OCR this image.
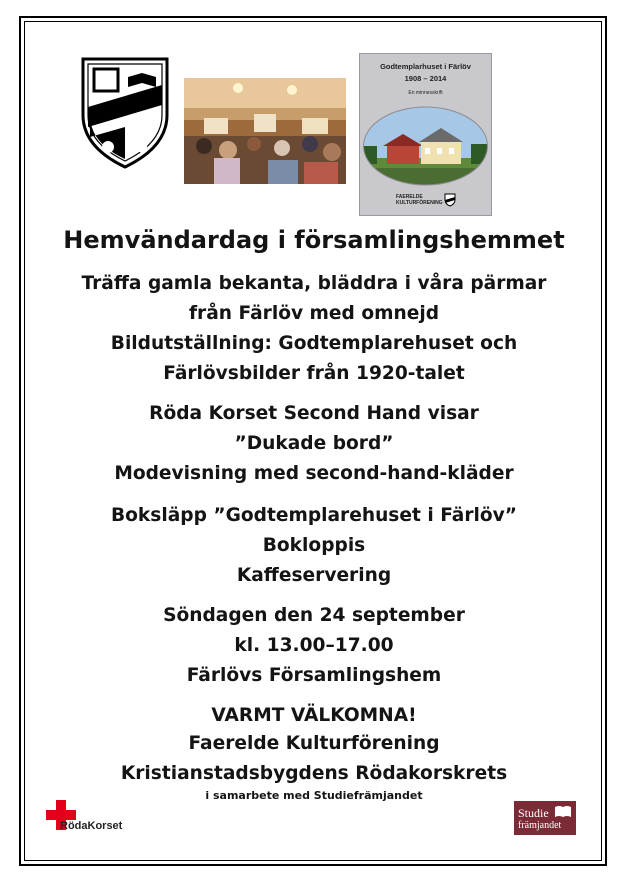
Godtemplarhuset i Färlöv
1908 – 2014
En minnesskrift
FAERELDE
KULTURFÖRENING
Hemvändardag i församlingshemmet

Träffa gamla bekanta, bläddra i våra pärmar

från Färlöv med omnejd

Bildutställning: Godtemplarehuset och

Färlövsbilder från 1920-talet

Röda Korset Second Hand visar

”Dukade bord”

Modevisning med second-hand-kläder

Boksläpp ”Godtemplarehuset i Färlöv”

Bokloppis

Kaffeservering

Söndagen den 24 september

kl. 13.00–17.00

Färlövs Församlingshem

VARMT VÄLKOMNA!

Faerelde Kulturförening

Kristianstadsbygdens Rödakorskrets

i samarbete med Studiefrämjandet

RödaKorset
Studie
främjandet
